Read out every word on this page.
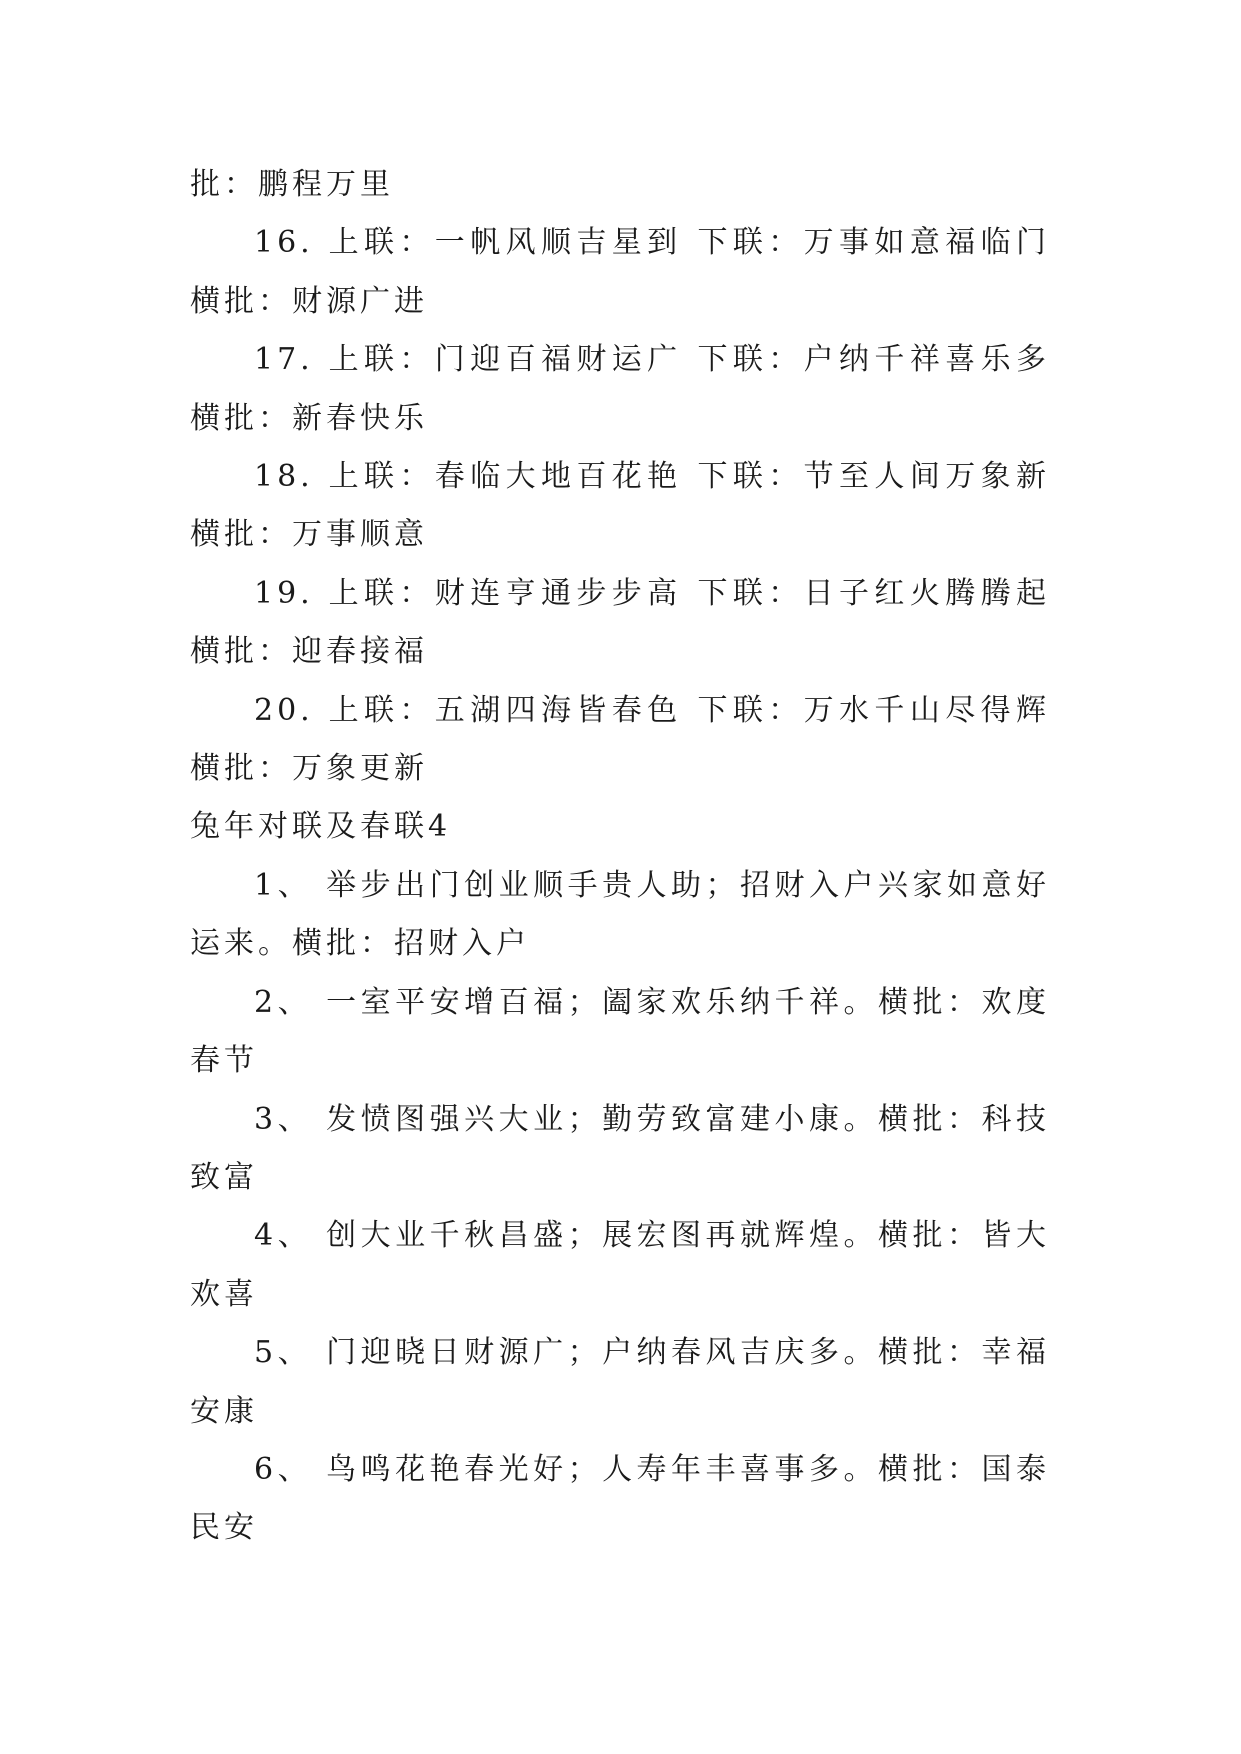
批：鹏程万里

16. 上联：一帆风顺吉星到 下联：万事如意福临门 横批：财源广进

17. 上联：门迎百福财运广 下联：户纳千祥喜乐多 横批：新春快乐

18. 上联：春临大地百花艳 下联：节至人间万象新 横批：万事顺意

19. 上联：财连亨通步步高 下联：日子红火腾腾起 横批：迎春接福

20. 上联：五湖四海皆春色 下联：万水千山尽得辉 横批：万象更新

兔年对联及春联4

1、 举步出门创业顺手贵人助；招财入户兴家如意好运来。横批：招财入户

2、 一室平安增百福；阖家欢乐纳千祥。横批：欢度春节

3、 发愤图强兴大业；勤劳致富建小康。横批：科技致富

4、 创大业千秋昌盛；展宏图再就辉煌。横批：皆大欢喜

5、 门迎晓日财源广；户纳春风吉庆多。横批：幸福安康

6、 鸟鸣花艳春光好；人寿年丰喜事多。横批：国泰民安
